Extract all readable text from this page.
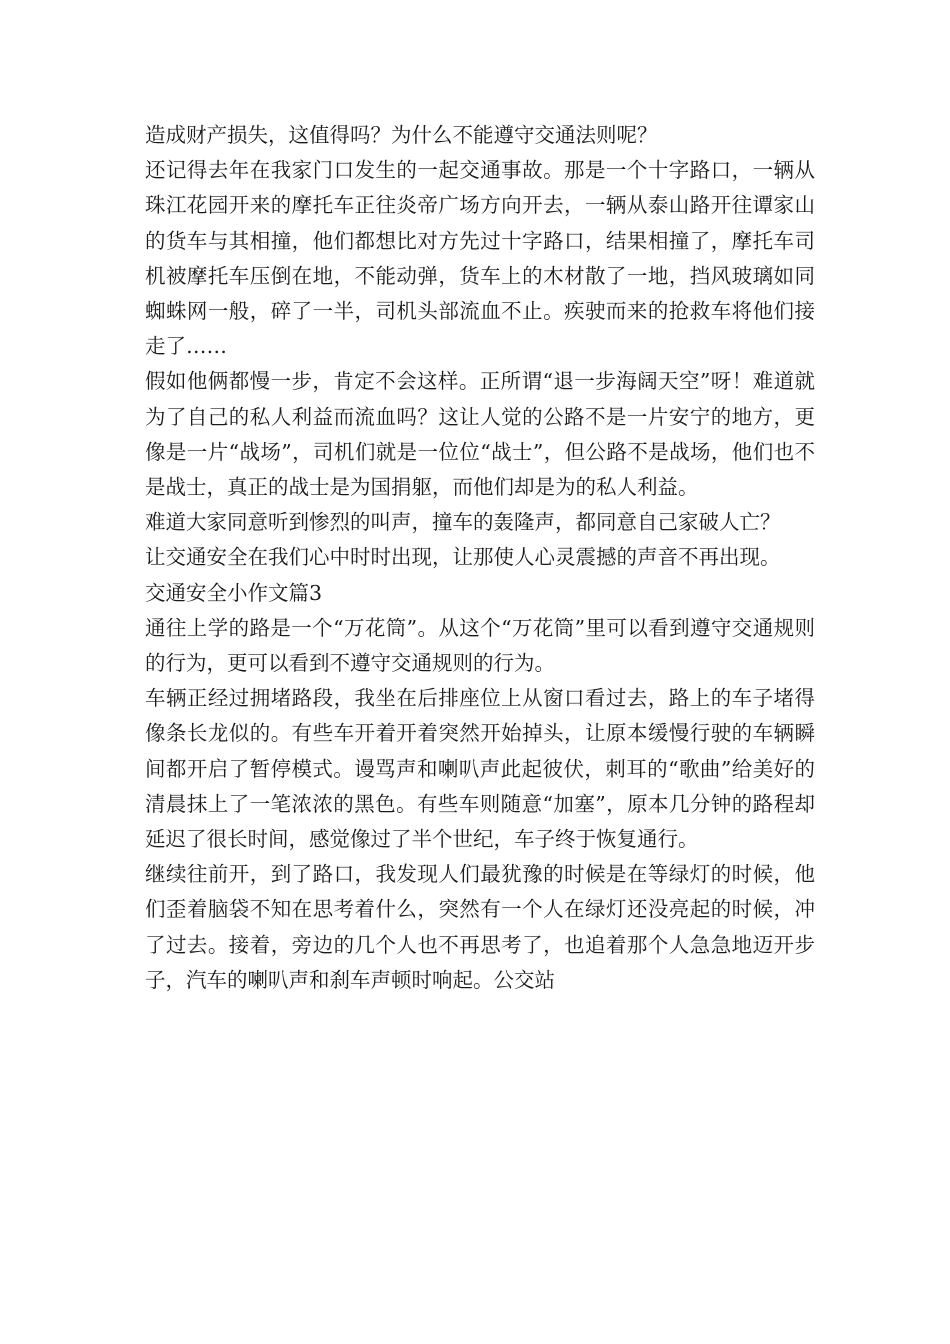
造成财产损失，这值得吗？为什么不能遵守交通法则呢？

还记得去年在我家门口发生的一起交通事故。那是一个十字路口，一辆从珠江花园开来的摩托车正往炎帝广场方向开去，一辆从泰山路开往谭家山的货车与其相撞，他们都想比对方先过十字路口，结果相撞了，摩托车司机被摩托车压倒在地，不能动弹，货车上的木材散了一地，挡风玻璃如同蜘蛛网一般，碎了一半，司机头部流血不止。疾驶而来的抢救车将他们接走了……

假如他俩都慢一步，肯定不会这样。正所谓“退一步海阔天空”呀！难道就为了自己的私人利益而流血吗？这让人觉的公路不是一片安宁的地方，更像是一片“战场”，司机们就是一位位“战士”，但公路不是战场，他们也不是战士，真正的战士是为国捐躯，而他们却是为的私人利益。

难道大家同意听到惨烈的叫声，撞车的轰隆声，都同意自己家破人亡？

让交通安全在我们心中时时出现，让那使人心灵震撼的声音不再出现。

交通安全小作文篇3

通往上学的路是一个“万花筒”。从这个“万花筒”里可以看到遵守交通规则的行为，更可以看到不遵守交通规则的行为。

车辆正经过拥堵路段，我坐在后排座位上从窗口看过去，路上的车子堵得像条长龙似的。有些车开着开着突然开始掉头，让原本缓慢行驶的车辆瞬间都开启了暂停模式。谩骂声和喇叭声此起彼伏，刺耳的“歌曲”给美好的清晨抹上了一笔浓浓的黑色。有些车则随意“加塞”，原本几分钟的路程却延迟了很长时间，感觉像过了半个世纪，车子终于恢复通行。

继续往前开，到了路口，我发现人们最犹豫的时候是在等绿灯的时候，他们歪着脑袋不知在思考着什么，突然有一个人在绿灯还没亮起的时候，冲了过去。接着，旁边的几个人也不再思考了，也追着那个人急急地迈开步子，汽车的喇叭声和刹车声顿时响起。公交站
